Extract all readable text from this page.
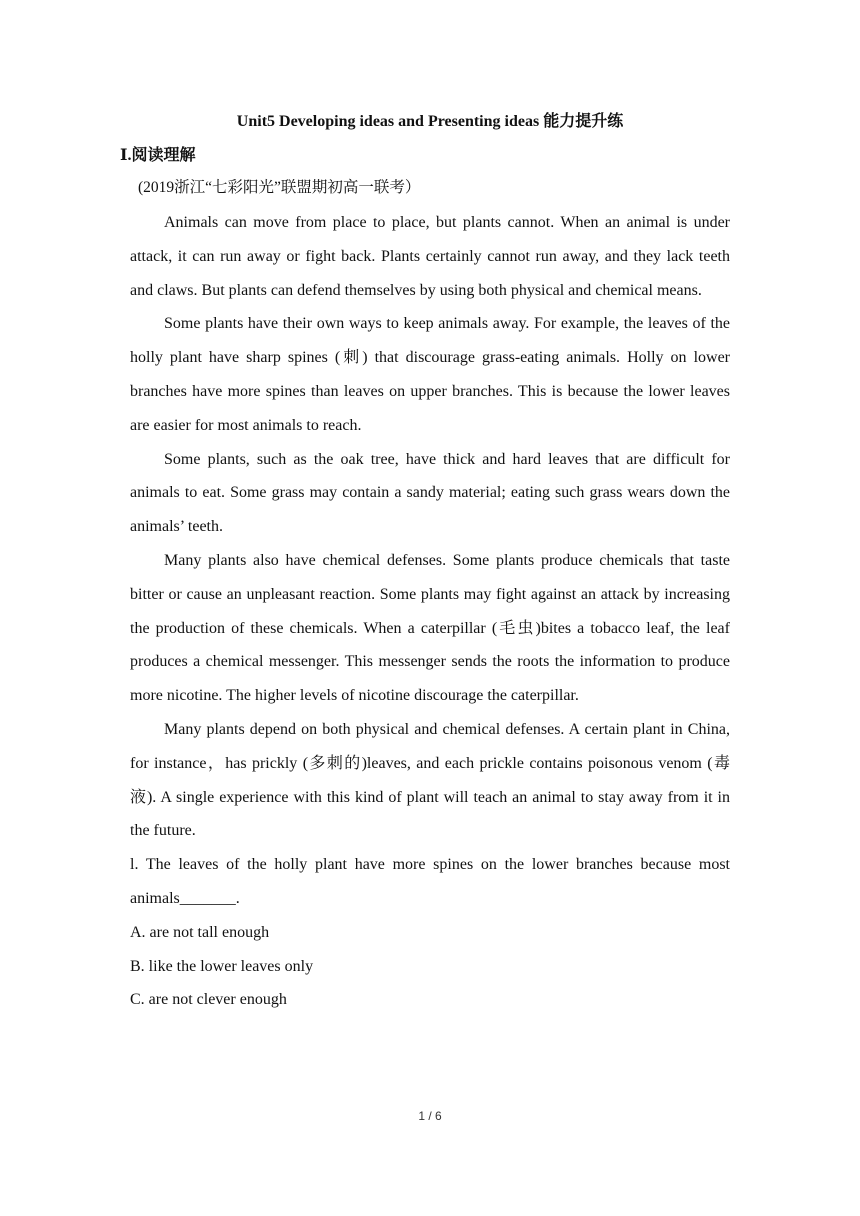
Unit5 Developing ideas and Presenting ideas 能力提升练
Ⅰ.阅读理解
(2019浙江“七彩阳光”联盟期初高一联考）

Animals can move from place to place, but plants cannot. When an animal is under attack, it can run away or fight back. Plants certainly cannot run away, and they lack teeth and claws. But plants can defend themselves by using both physical and chemical means.

Some plants have their own ways to keep animals away. For example, the leaves of the holly plant have sharp spines (刺) that discourage grass-eating animals. Holly on lower branches have more spines than leaves on upper branches. This is because the lower leaves are easier for most animals to reach.

Some plants, such as the oak tree, have thick and hard leaves that are difficult for animals to eat. Some grass may contain a sandy material; eating such grass wears down the animals’ teeth.

Many plants also have chemical defenses. Some plants produce chemicals that taste bitter or cause an unpleasant reaction. Some plants may fight against an attack by increasing the production of these chemicals. When a caterpillar (毛虫)bites a tobacco leaf, the leaf produces a chemical messenger. This messenger sends the roots the information to produce more nicotine. The higher levels of nicotine discourage the caterpillar.

Many plants depend on both physical and chemical defenses. A certain plant in China, for instance，has prickly (多刺的)leaves, and each prickle contains poisonous venom (毒液). A single experience with this kind of plant will teach an animal to stay away from it in the future.

l. The leaves of the holly plant have more spines on the lower branches because most animals_______.

A. are not tall enough

B. like the lower leaves only

C. are not clever enough

1 / 6
